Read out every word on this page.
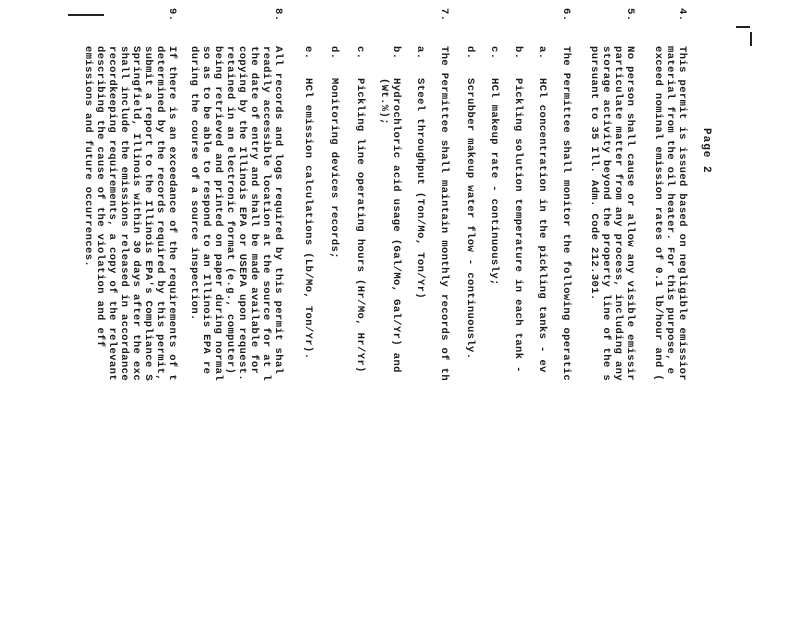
Page 2
4.
This permit is issued based on negligible emissior
material from the oil heater. For this purpose, e
exceed nominal emission rates of 0.1 lb/hour and (
5.
No person shall cause or allow any visible emissir
particulate matter from any process, including any
storage activity beyond the property line of the s
pursuant to 35 Ill. Adm. Code 212.301.
6.
The Permittee shall monitor the following operatic
a.
HCl concentration in the pickling tanks - ev
b.
Pickling solution temperature in each tank -
c.
HCl makeup rate - continuously;
d.
Scrubber makeup water flow - continuously.
7.
The Permittee shall maintain monthly records of th
a.
Steel throughput (Ton/Mo, Ton/Yr)
b.
Hydrochloric acid usage (Gal/Mo, Gal/Yr) and
(Wt.%);
c.
Pickling line operating hours (Hr/Mo, Hr/Yr)
d.
Monitoring devices records;
e.
HCl emission calculations (Lb/Mo, Ton/Yr).
8.
All records and logs required by this permit shal
readily accessible location at the source for at l
the date of entry and shall be made available for
copying by the Illinois EPA or USEPA upon request.
retained in an electronic format (e.g., computer)
being retrieved and printed on paper during normal
so as to be able to respond to an Illinois EPA re
during the course of a source inspection.
9.
If there is an exceedance of the requirements of t
determined by the records required by this permit,
submit a report to the Illinois EPA's Compliance S
Springfield, Illinois within 30 days after the exc
shall include the emissions released in accordance
recordkeeping requirements, a copy of the relevant
describing the cause of the violation and eff
emissions and future occurrences.
